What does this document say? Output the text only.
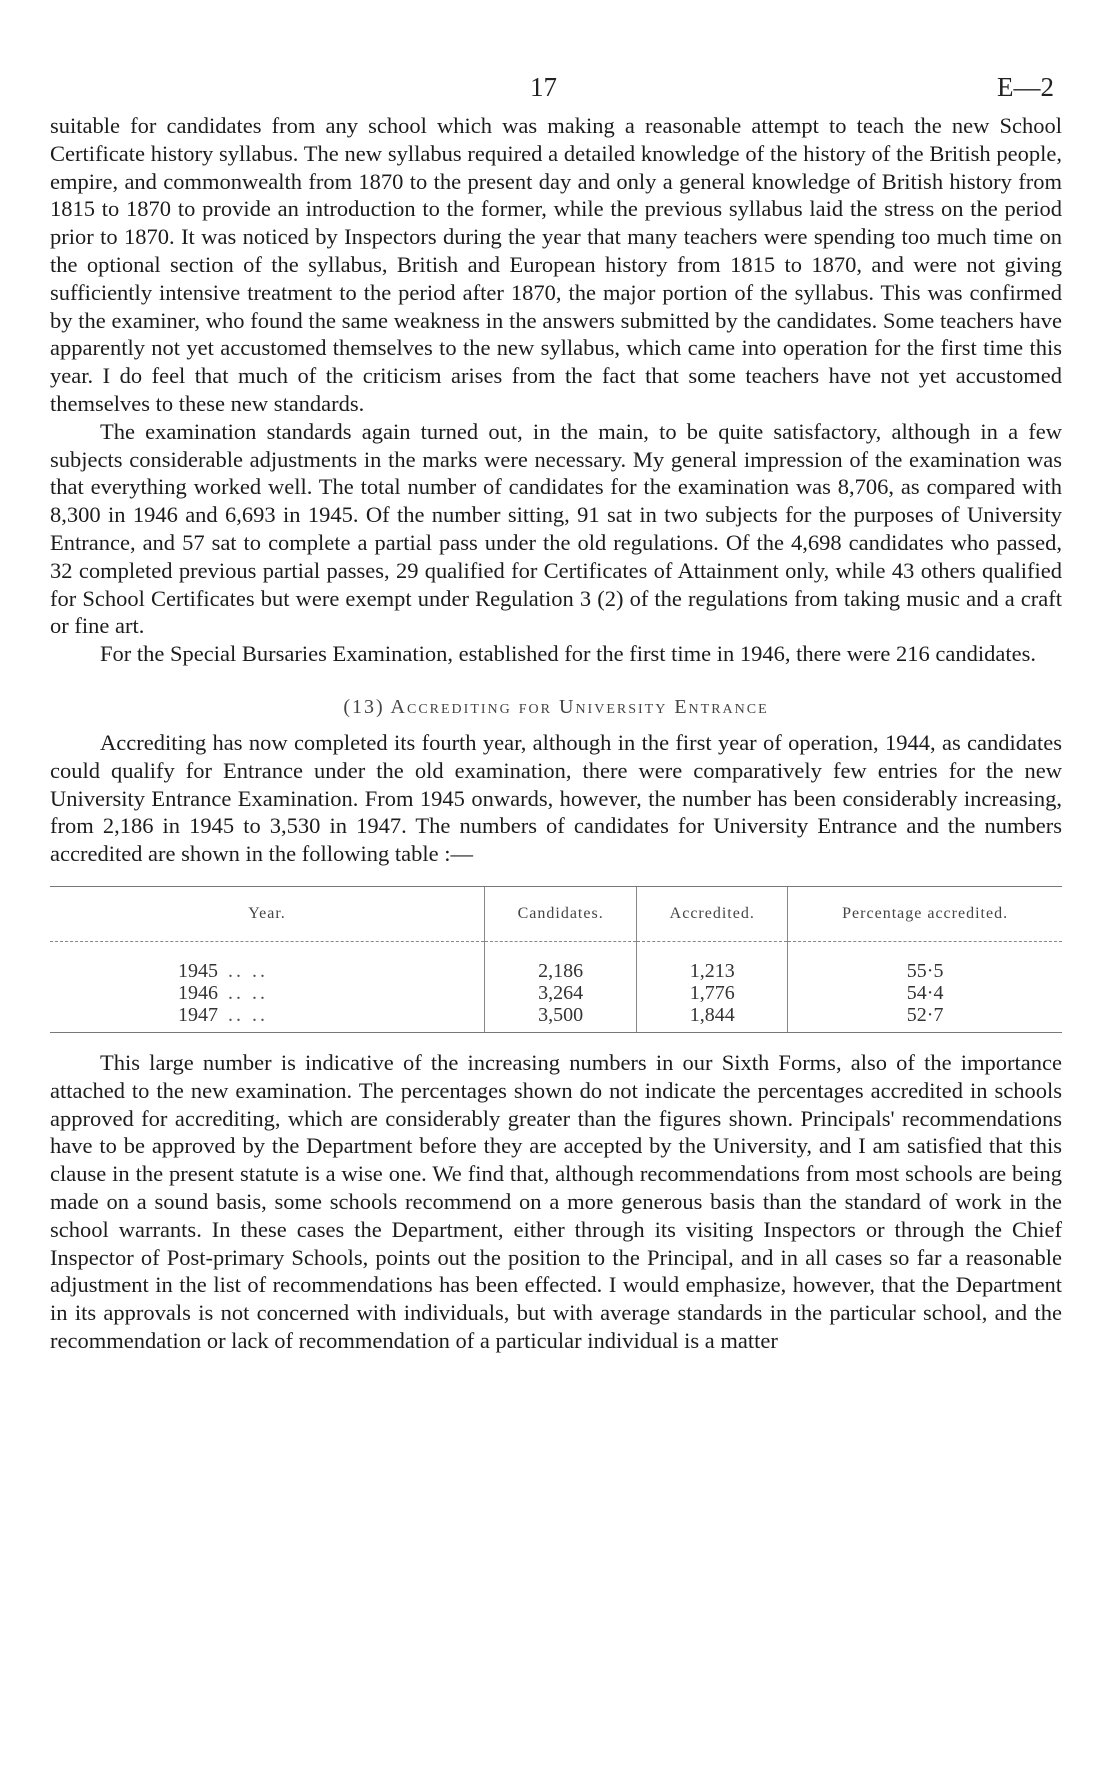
17	E—2

suitable for candidates from any school which was making a reasonable attempt to teach the new School Certificate history syllabus. The new syllabus required a detailed knowledge of the history of the British people, empire, and commonwealth from 1870 to the present day and only a general knowledge of British history from 1815 to 1870 to provide an introduction to the former, while the previous syllabus laid the stress on the period prior to 1870. It was noticed by Inspectors during the year that many teachers were spending too much time on the optional section of the syllabus, British and European history from 1815 to 1870, and were not giving sufficiently intensive treatment to the period after 1870, the major portion of the syllabus. This was confirmed by the examiner, who found the same weakness in the answers submitted by the candidates. Some teachers have apparently not yet accustomed themselves to the new syllabus, which came into operation for the first time this year. I do feel that much of the criticism arises from the fact that some teachers have not yet accustomed themselves to these new standards.

The examination standards again turned out, in the main, to be quite satisfactory, although in a few subjects considerable adjustments in the marks were necessary. My general impression of the examination was that everything worked well. The total number of candidates for the examination was 8,706, as compared with 8,300 in 1946 and 6,693 in 1945. Of the number sitting, 91 sat in two subjects for the purposes of University Entrance, and 57 sat to complete a partial pass under the old regulations. Of the 4,698 candidates who passed, 32 completed previous partial passes, 29 qualified for Certificates of Attainment only, while 43 others qualified for School Certificates but were exempt under Regulation 3 (2) of the regulations from taking music and a craft or fine art.

For the Special Bursaries Examination, established for the first time in 1946, there were 216 candidates.

(13) Accrediting for University Entrance

Accrediting has now completed its fourth year, although in the first year of operation, 1944, as candidates could qualify for Entrance under the old examination, there were comparatively few entries for the new University Entrance Examination. From 1945 onwards, however, the number has been considerably increasing, from 2,186 in 1945 to 3,530 in 1947. The numbers of candidates for University Entrance and the numbers accredited are shown in the following table :—

Year.	Candidates.	Accredited.	Percentage accredited.
1945 .. ..	2,186	1,213	55·5
1946 .. ..	3,264	1,776	54·4
1947 .. ..	3,500	1,844	52·7

This large number is indicative of the increasing numbers in our Sixth Forms, also of the importance attached to the new examination. The percentages shown do not indicate the percentages accredited in schools approved for accrediting, which are considerably greater than the figures shown. Principals' recommendations have to be approved by the Department before they are accepted by the University, and I am satisfied that this clause in the present statute is a wise one. We find that, although recommendations from most schools are being made on a sound basis, some schools recommend on a more generous basis than the standard of work in the school warrants. In these cases the Department, either through its visiting Inspectors or through the Chief Inspector of Post-primary Schools, points out the position to the Principal, and in all cases so far a reasonable adjustment in the list of recommendations has been effected. I would emphasize, however, that the Department in its approvals is not concerned with individuals, but with average standards in the particular school, and the recommendation or lack of recommendation of a particular individual is a matter
